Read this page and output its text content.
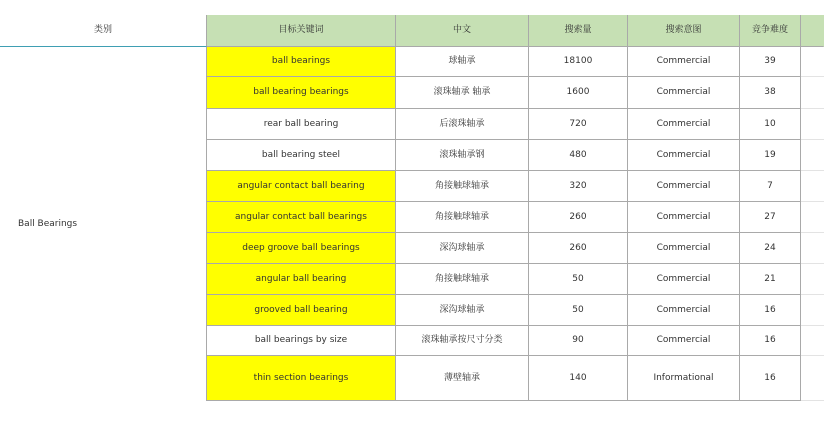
类别	目标关键词	中文	搜索量	搜索意图	竞争难度
Ball Bearings
ball bearings	球轴承	18100	Commercial	39
ball bearing bearings	滚珠轴承 轴承	1600	Commercial	38
rear ball bearing	后滚珠轴承	720	Commercial	10
ball bearing steel	滚珠轴承钢	480	Commercial	19
angular contact ball bearing	角接触球轴承	320	Commercial	7
angular contact ball bearings	角接触球轴承	260	Commercial	27
deep groove ball bearings	深沟球轴承	260	Commercial	24
angular ball bearing	角接触球轴承	50	Commercial	21
grooved ball bearing	深沟球轴承	50	Commercial	16
ball bearings by size	滚珠轴承按尺寸分类	90	Commercial	16
thin section bearings	薄壁轴承	140	Informational	16
